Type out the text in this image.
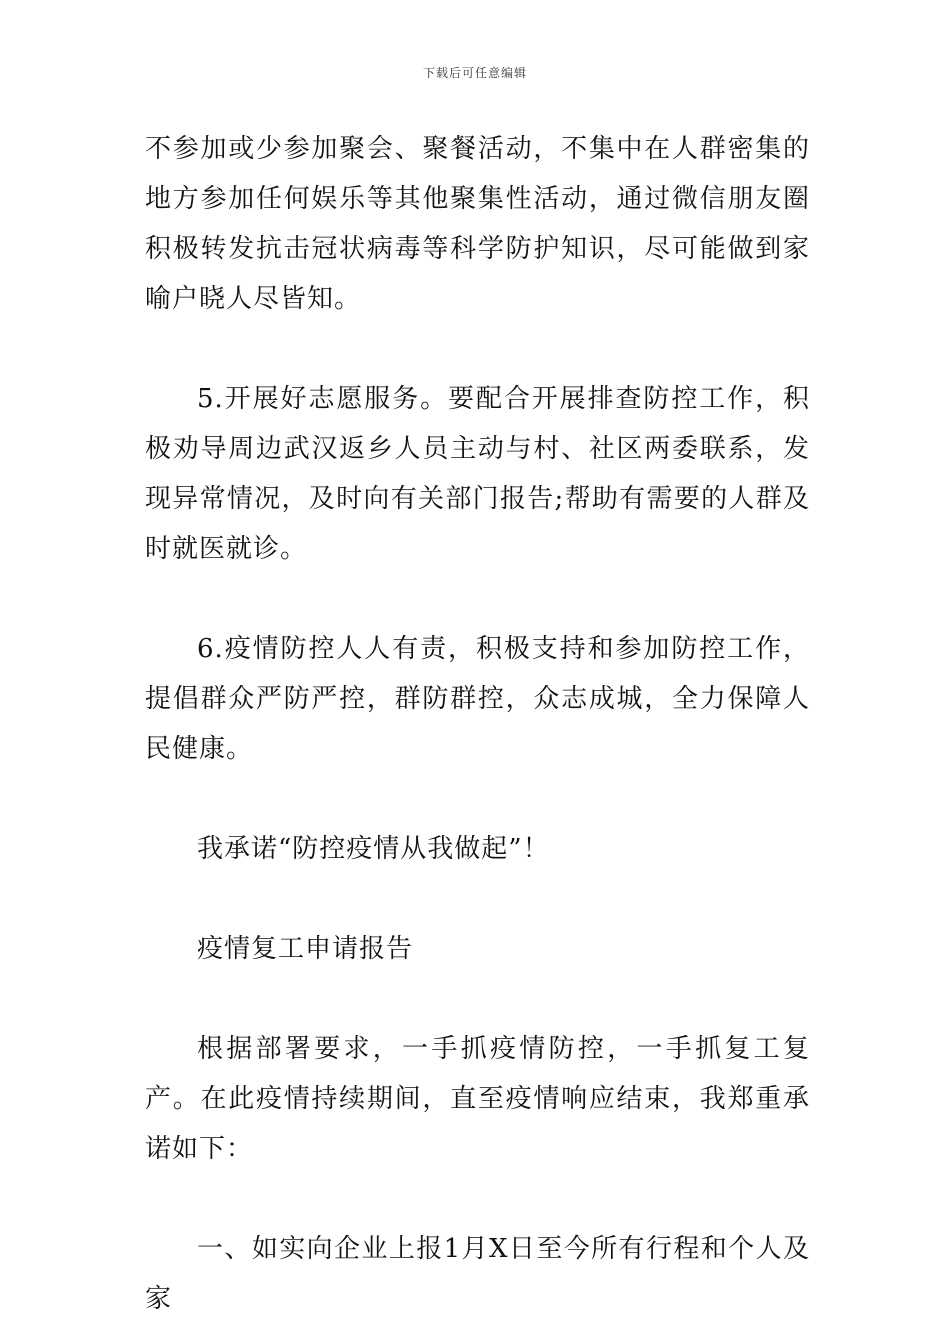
下载后可任意编辑

不参加或少参加聚会、聚餐活动，不集中在人群密集的地方参加任何娱乐等其他聚集性活动，通过微信朋友圈积极转发抗击冠状病毒等科学防护知识，尽可能做到家喻户晓人尽皆知。

5.开展好志愿服务。要配合开展排查防控工作，积极劝导周边武汉返乡人员主动与村、社区两委联系，发现异常情况，及时向有关部门报告;帮助有需要的人群及时就医就诊。

6.疫情防控人人有责，积极支持和参加防控工作，提倡群众严防严控，群防群控，众志成城，全力保障人民健康。

我承诺“防控疫情从我做起”！

疫情复工申请报告

根据部署要求，一手抓疫情防控，一手抓复工复产。在此疫情持续期间，直至疫情响应结束，我郑重承诺如下：

一、如实向企业上报1月X日至今所有行程和个人及家
